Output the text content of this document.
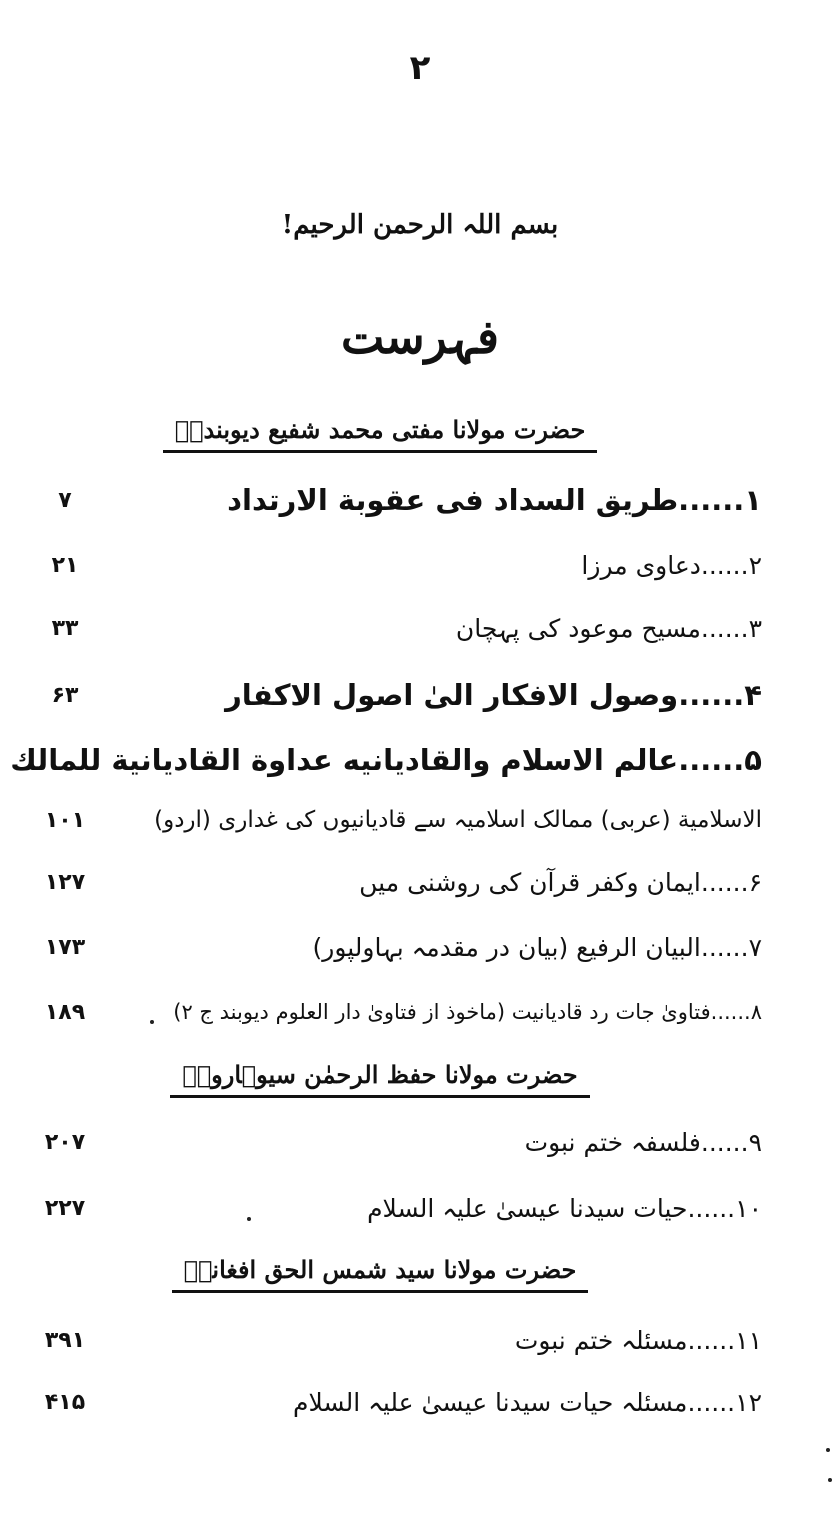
۲
بسم اللہ الرحمن الرحیم!
فہرست
حضرت مولانا مفتی محمد شفیع دیوبندیؒ
۱......طریق السداد فی عقوبة الارتداد
۷
۲......دعاوی مرزا
۲۱
۳......مسیح موعود کی پہچان
۳۳
۴......وصول الافکار الیٰ اصول الاکفار
۶۳
۵......عالم الاسلام والقادیانیه عداوة القادیانیة للمالك
الاسلامیة (عربی) ممالک اسلامیہ سے قادیانیوں کی غداری (اردو)
۱۰۱
۶......ایمان وکفر قرآن کی روشنی میں
۱۲۷
۷......البیان الرفیع (بیان در مقدمہ بہاولپور)
۱۷۳
۸......فتاویٰ جات رد قادیانیت (ماخوذ از فتاویٰ دار العلوم دیوبند ج ۲)
۱۸۹
حضرت مولانا حفظ الرحمٰن سیوہارویؒ
۹......فلسفہ ختم نبوت
۲۰۷
۱۰......حیات سیدنا عیسیٰ علیہ السلام
۲۲۷
حضرت مولانا سید شمس الحق افغانیؒ
۱۱......مسئلہ ختم نبوت
۳۹۱
۱۲......مسئلہ حیات سیدنا عیسیٰ علیہ السلام
۴۱۵
